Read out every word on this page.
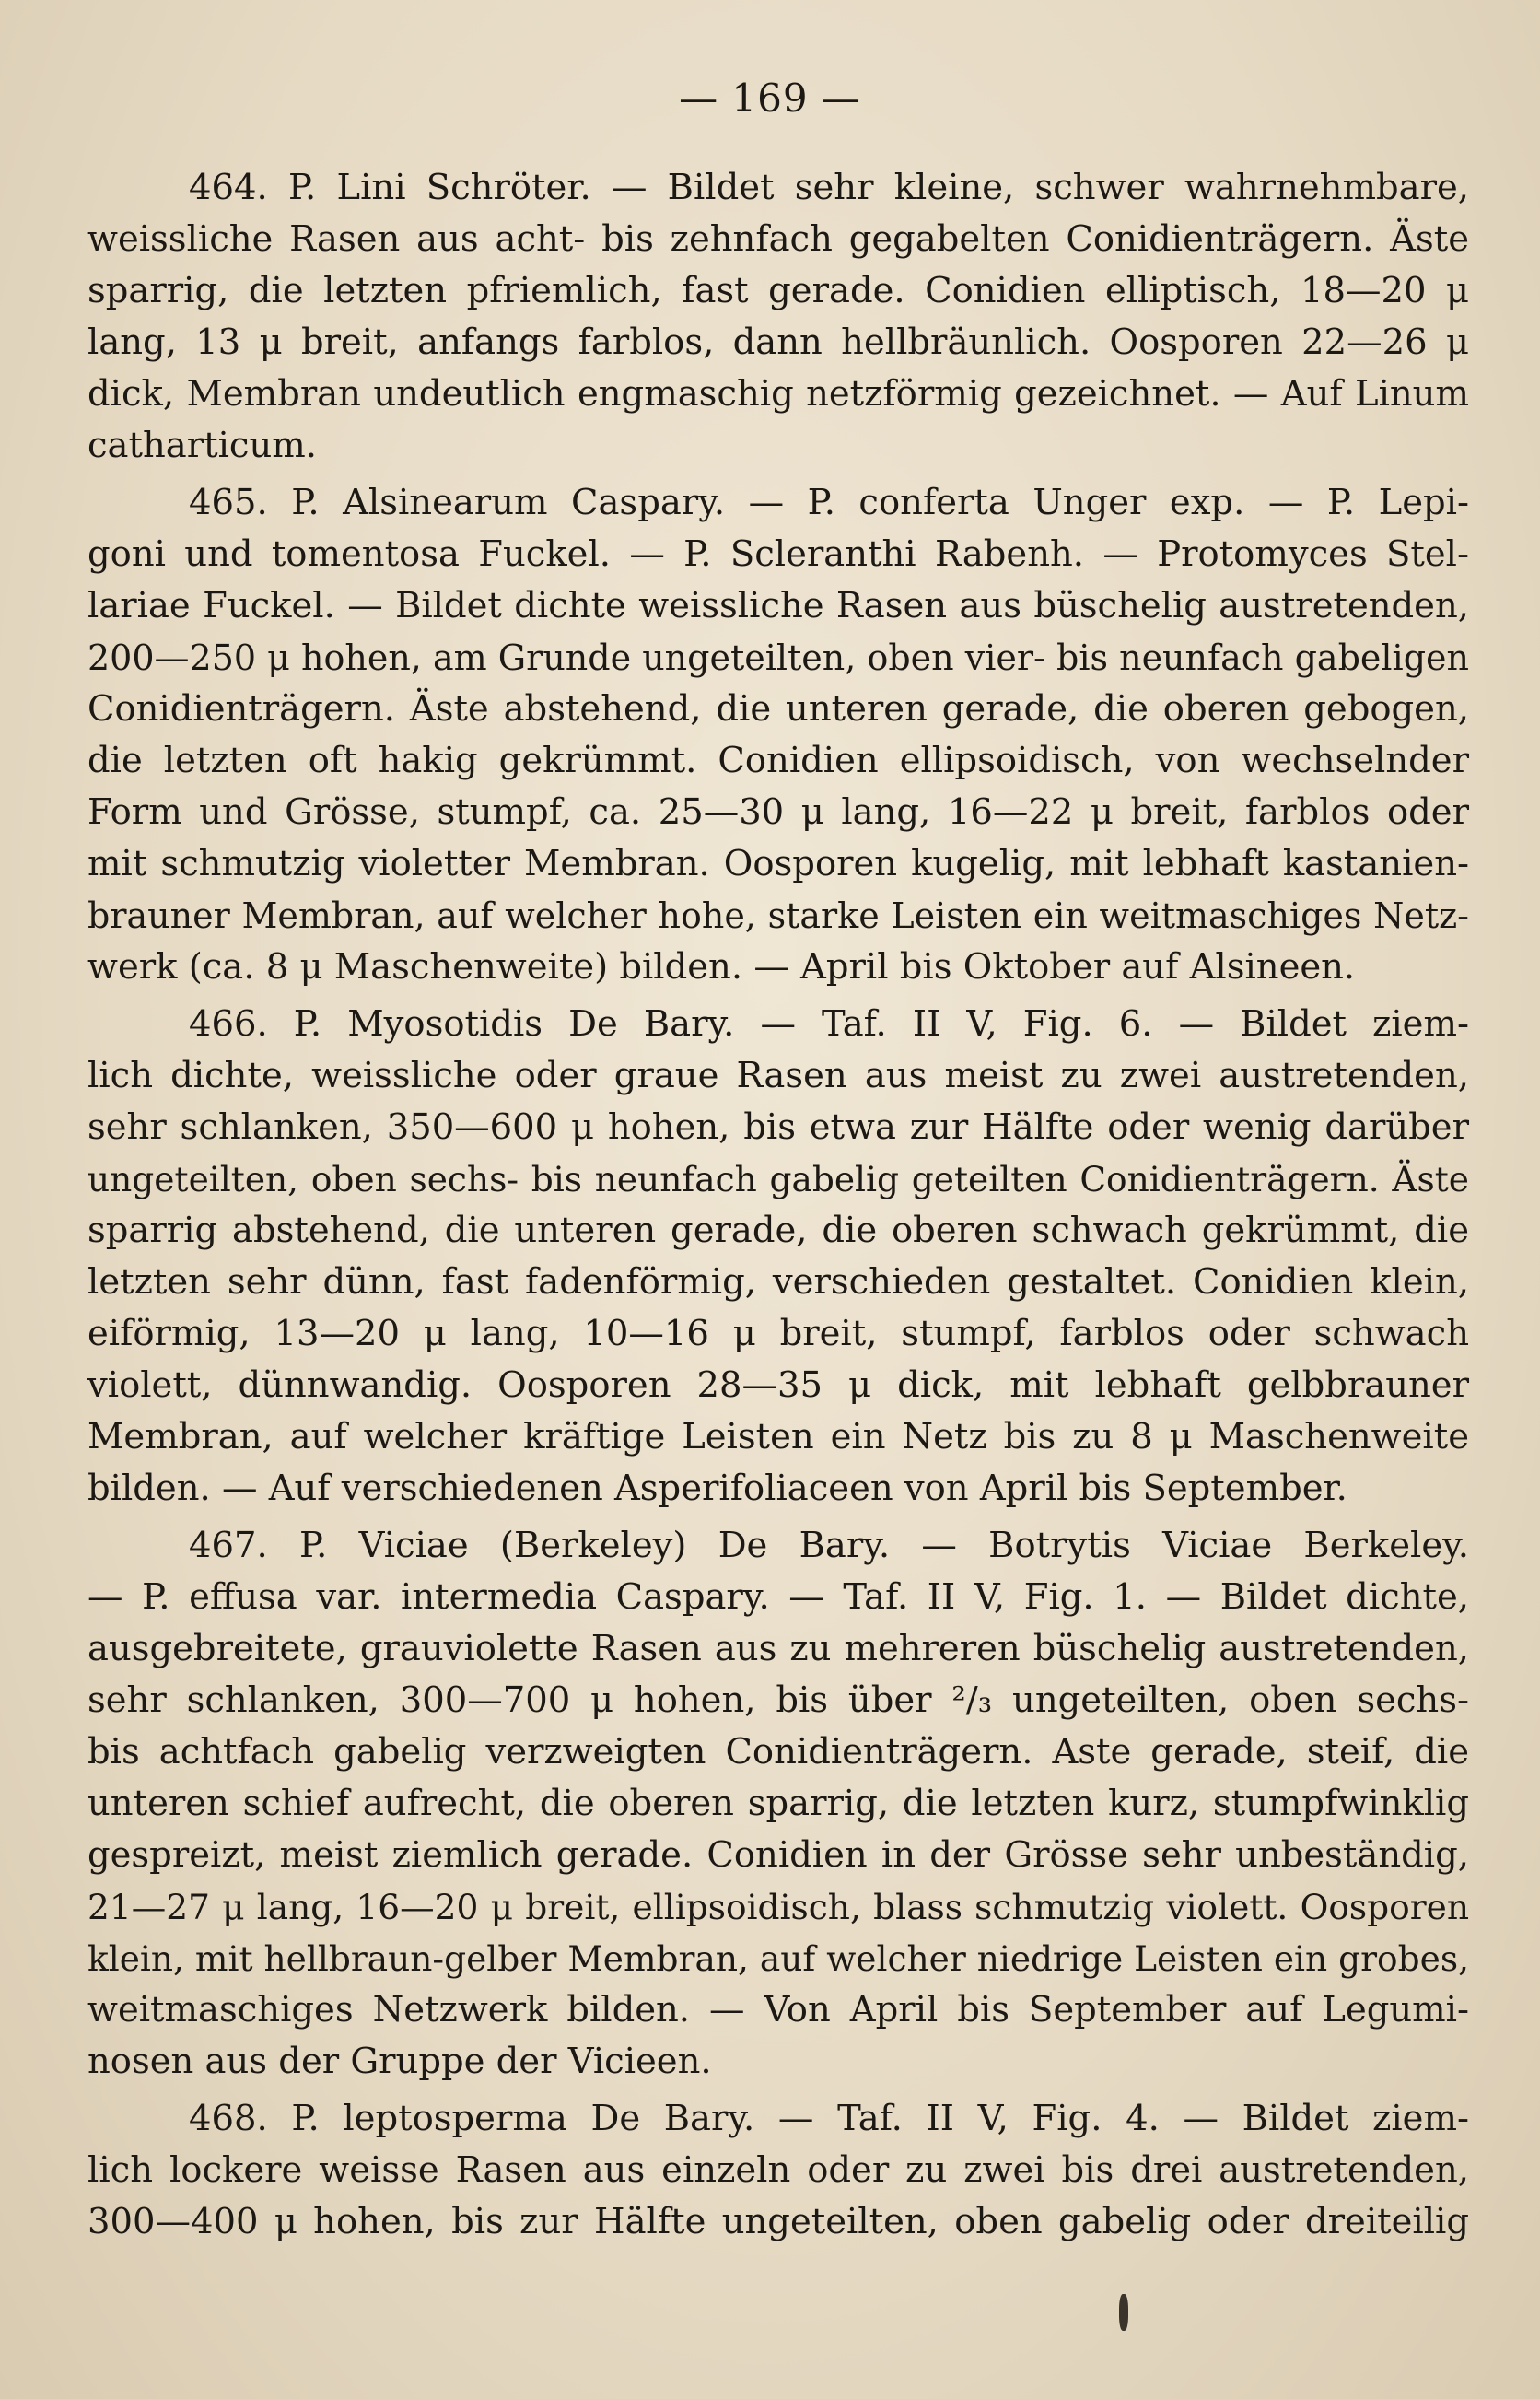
— 169 —
464. P. Lini Schröter. — Bildet sehr kleine, schwer wahrnehmbare,
weissliche Rasen aus acht- bis zehnfach gegabelten Conidienträgern. Äste
sparrig, die letzten pfriemlich, fast gerade. Conidien elliptisch, 18—20 μ
lang, 13 μ breit, anfangs farblos, dann hellbräunlich. Oosporen 22—26 μ
dick, Membran undeutlich engmaschig netzförmig gezeichnet. — Auf Linum
catharticum.
465. P. Alsinearum Caspary. — P. conferta Unger exp. — P. Lepi-
goni und tomentosa Fuckel. — P. Scleranthi Rabenh. — Protomyces Stel-
lariae Fuckel. — Bildet dichte weissliche Rasen aus büschelig austretenden,
200—250 μ hohen, am Grunde ungeteilten, oben vier- bis neunfach gabeligen
Conidienträgern. Äste abstehend, die unteren gerade, die oberen gebogen,
die letzten oft hakig gekrümmt. Conidien ellipsoidisch, von wechselnder
Form und Grösse, stumpf, ca. 25—30 μ lang, 16—22 μ breit, farblos oder
mit schmutzig violetter Membran. Oosporen kugelig, mit lebhaft kastanien-
brauner Membran, auf welcher hohe, starke Leisten ein weitmaschiges Netz-
werk (ca. 8 μ Maschenweite) bilden. — April bis Oktober auf Alsineen.
466. P. Myosotidis De Bary. — Taf. II V, Fig. 6. — Bildet ziem-
lich dichte, weissliche oder graue Rasen aus meist zu zwei austretenden,
sehr schlanken, 350—600 μ hohen, bis etwa zur Hälfte oder wenig darüber
ungeteilten, oben sechs- bis neunfach gabelig geteilten Conidienträgern. Äste
sparrig abstehend, die unteren gerade, die oberen schwach gekrümmt, die
letzten sehr dünn, fast fadenförmig, verschieden gestaltet. Conidien klein,
eiförmig, 13—20 μ lang, 10—16 μ breit, stumpf, farblos oder schwach
violett, dünnwandig. Oosporen 28—35 μ dick, mit lebhaft gelbbrauner
Membran, auf welcher kräftige Leisten ein Netz bis zu 8 μ Maschenweite
bilden. — Auf verschiedenen Asperifoliaceen von April bis September.
467. P. Viciae (Berkeley) De Bary. — Botrytis Viciae Berkeley.
— P. effusa var. intermedia Caspary. — Taf. II V, Fig. 1. — Bildet dichte,
ausgebreitete, grauviolette Rasen aus zu mehreren büschelig austretenden,
sehr schlanken, 300—700 μ hohen, bis über ²/₃ ungeteilten, oben sechs-
bis achtfach gabelig verzweigten Conidienträgern. Aste gerade, steif, die
unteren schief aufrecht, die oberen sparrig, die letzten kurz, stumpfwinklig
gespreizt, meist ziemlich gerade. Conidien in der Grösse sehr unbeständig,
21—27 μ lang, 16—20 μ breit, ellipsoidisch, blass schmutzig violett. Oosporen
klein, mit hellbraun-gelber Membran, auf welcher niedrige Leisten ein grobes,
weitmaschiges Netzwerk bilden. — Von April bis September auf Legumi-
nosen aus der Gruppe der Vicieen.
468. P. leptosperma De Bary. — Taf. II V, Fig. 4. — Bildet ziem-
lich lockere weisse Rasen aus einzeln oder zu zwei bis drei austretenden,
300—400 μ hohen, bis zur Hälfte ungeteilten, oben gabelig oder dreiteilig
